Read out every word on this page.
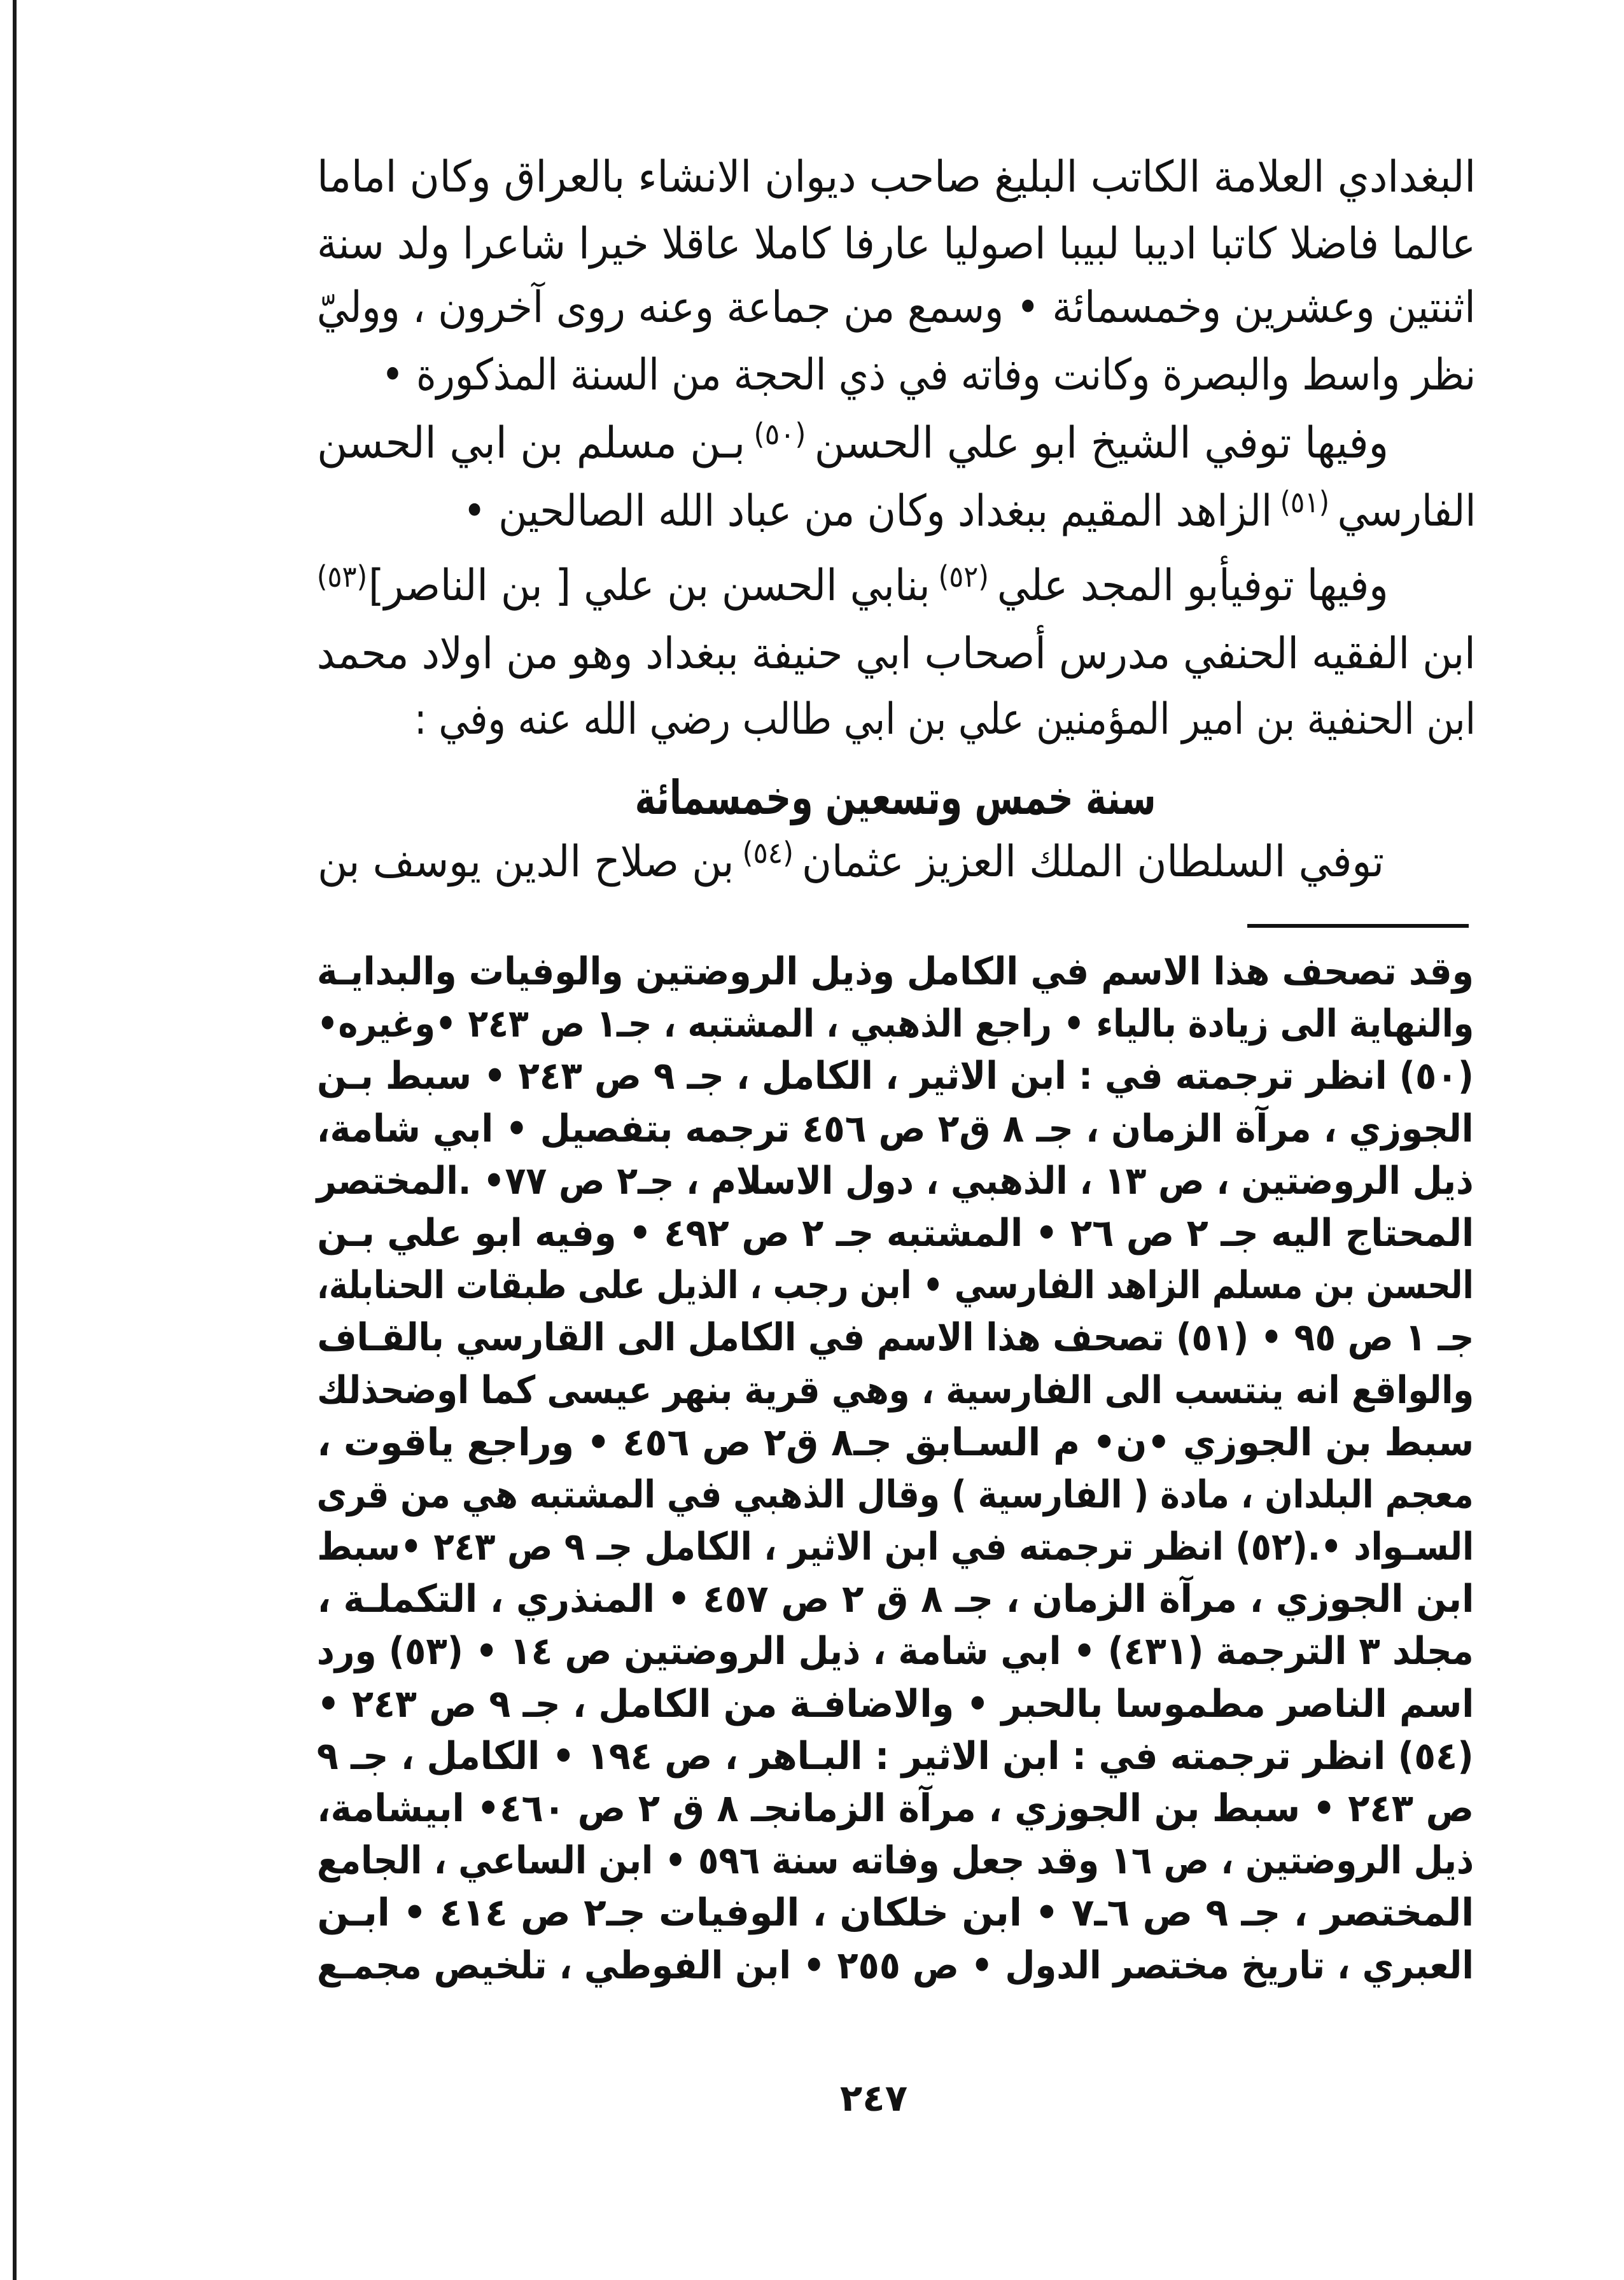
البغدادي العلامة الكاتب البليغ صاحب ديوان الانشاء بالعراق وكان اماما
عالما فاضلا كاتبا اديبا لبيبا اصوليا عارفا كاملا عاقلا خيرا شاعرا ولد سنة
اثنتين وعشرين وخمسمائة • وسمع من جماعة وعنه روى آخرون ، ووليّ
نظر واسط والبصرة وكانت وفاته في ذي الحجة من السنة المذكورة •
وفيها توفي الشيخ ابو علي الحسن(٥٠)بـن مسلم بن ابي الحسن
الفارسي(٥١)الزاهد المقيم ببغداد وكان من عباد الله الصالحين •
وفيها توفيأبو المجد علي(٥٢)بنابي الحسن بن علي [ بن الناصر](٥٣)
ابن الفقيه الحنفي مدرس أصحاب ابي حنيفة ببغداد وهو من اولاد محمد
ابن الحنفية بن امير المؤمنين علي بن ابي طالب رضي الله عنه وفي :
سنة خمس وتسعين وخمسمائة
توفي السلطان الملك العزيز عثمان(٥٤)بن صلاح الدين يوسف بن
وقد تصحف هذا الاسم في الكامل وذيل الروضتين والوفيات والبدايـة
والنهاية الى زيادة بالياء • راجع الذهبي ، المشتبه ، جـ١ ص ٢٤٣ •وغيره•
(٥٠) انظر ترجمته في : ابن الاثير ، الكامل ، جـ ٩ ص ٢٤٣ • سبط بـن
الجوزي ، مرآة الزمان ، جـ ٨ ق٢ ص ٤٥٦ ترجمه بتفصيل • ابي شامة،
ذيل الروضتين ، ص ١٣ ، الذهبي ، دول الاسلام ، جـ٢ ص ٧٧• .المختصر
المحتاج اليه جـ ٢ ص ٢٦ • المشتبه جـ ٢ ص ٤٩٢ • وفيه ابو علي بـن
الحسن بن مسلم الزاهد الفارسي • ابن رجب ، الذيل على طبقات الحنابلة،
جـ ١ ص ٩٥ • (٥١) تصحف هذا الاسم في الكامل الى القارسي بالقـاف
والواقع انه ينتسب الى الفارسية ، وهي قرية بنهر عيسى كما اوضحذلك
سبط بن الجوزي •ن• م السـابق جـ٨ ق٢ ص ٤٥٦ • وراجع ياقوت ،
معجم البلدان ، مادة ( الفارسية ) وقال الذهبي في المشتبه هي من قرى
السـواد •.(٥٢) انظر ترجمته في ابن الاثير ، الكامل جـ ٩ ص ٢٤٣ •سبط
ابن الجوزي ، مرآة الزمان ، جـ ٨ ق ٢ ص ٤٥٧ • المنذري ، التكملـة ،
مجلد ٣ الترجمة (٤٣١) • ابي شامة ، ذيل الروضتين ص ١٤ • (٥٣) ورد
اسم الناصر مطموسا بالحبر • والاضافـة من الكامل ، جـ ٩ ص ٢٤٣ •
(٥٤) انظر ترجمته في : ابن الاثير : البـاهر ، ص ١٩٤ • الكامل ، جـ ٩
ص ٢٤٣ • سبط بن الجوزي ، مرآة الزمانجـ ٨ ق ٢ ص ٤٦٠• ابيشامة،
ذيل الروضتين ، ص ١٦ وقد جعل وفاته سنة ٥٩٦ • ابن الساعي ، الجامع
المختصر ، جـ ٩ ص ٦ـ٧ • ابن خلكان ، الوفيات جـ٢ ص ٤١٤ • ابـن
العبري ، تاريخ مختصر الدول • ص ٢٥٥ • ابن الفوطي ، تلخيص مجمـع
٢٤٧
